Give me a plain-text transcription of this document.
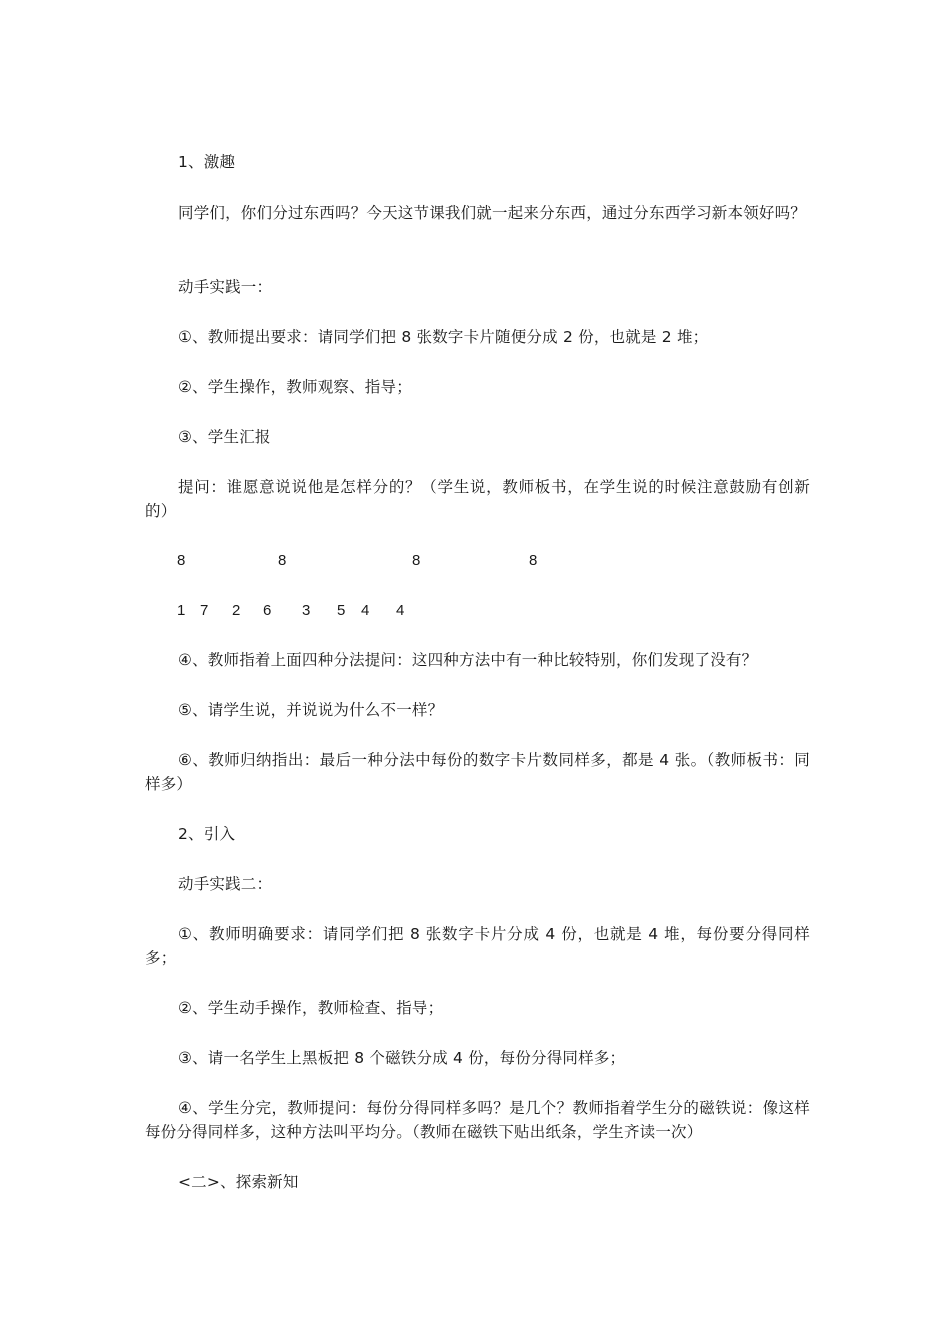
1、激趣
同学们，你们分过东西吗？今天这节课我们就一起来分东西，通过分东西学习新本领好吗？
动手实践一：
①、教师提出要求：请同学们把 8 张数字卡片随便分成 2 份，也就是 2 堆；
②、学生操作，教师观察、指导；
③、学生汇报
提问：谁愿意说说他是怎样分的？（学生说，教师板书，在学生说的时候注意鼓励有创新的）
8	8	8	8
1 7 2 6 3 5 4 4
④、教师指着上面四种分法提问：这四种方法中有一种比较特别，你们发现了没有？
⑤、请学生说，并说说为什么不一样？
⑥、教师归纳指出：最后一种分法中每份的数字卡片数同样多，都是 4 张。（教师板书：同样多）
2、引入
动手实践二：
①、教师明确要求：请同学们把 8 张数字卡片分成 4 份，也就是 4 堆，每份要分得同样多；
②、学生动手操作，教师检查、指导；
③、请一名学生上黑板把 8 个磁铁分成 4 份，每份分得同样多；
④、学生分完，教师提问：每份分得同样多吗？是几个？教师指着学生分的磁铁说：像这样每份分得同样多，这种方法叫平均分。（教师在磁铁下贴出纸条，学生齐读一次）
<二>、探索新知
